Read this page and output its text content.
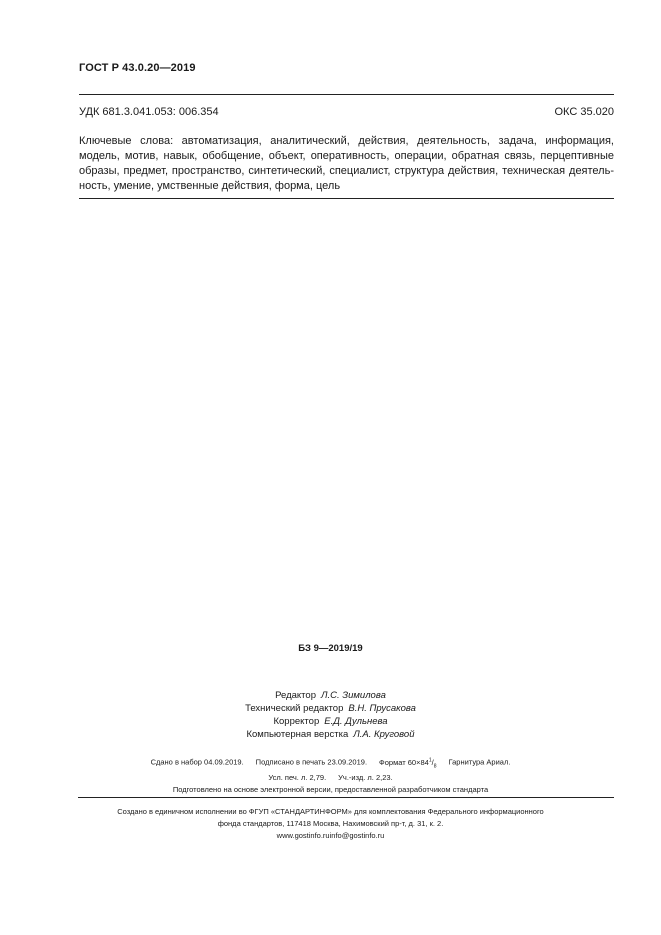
ГОСТ Р 43.0.20—2019
УДК 681.3.041.053: 006.354	ОКС 35.020
Ключевые слова: автоматизация, аналитический, действия, деятельность, задача, информация, модель, мотив, навык, обобщение, объект, оперативность, операции, обратная связь, перцептивные образы, предмет, пространство, синтетический, специалист, структура действия, техническая деятель-ность, умение, умственные действия, форма, цель
БЗ 9—2019/19
Редактор Л.С. Зимилова
Технический редактор В.Н. Прусакова
Корректор Е.Д. Дульнева
Компьютерная верстка Л.А. Круговой
Сдано в набор 04.09.2019. Подписано в печать 23.09.2019. Формат $60\times 84^1/_8$ Гарнитура Ариал.
Усл. печ. л. 2,79. Уч.-изд. л. 2,23.
Подготовлено на основе электронной версии, предоставленной разработчиком стандарта
Создано в единичном исполнении во ФГУП «СТАНДАРТИНФОРМ» для комплектования Федерального информационного
фонда стандартов, 117418 Москва, Нахимовский пр-т, д. 31, к. 2.
www.gostinfo.ruinfo@gostinfo.ru
